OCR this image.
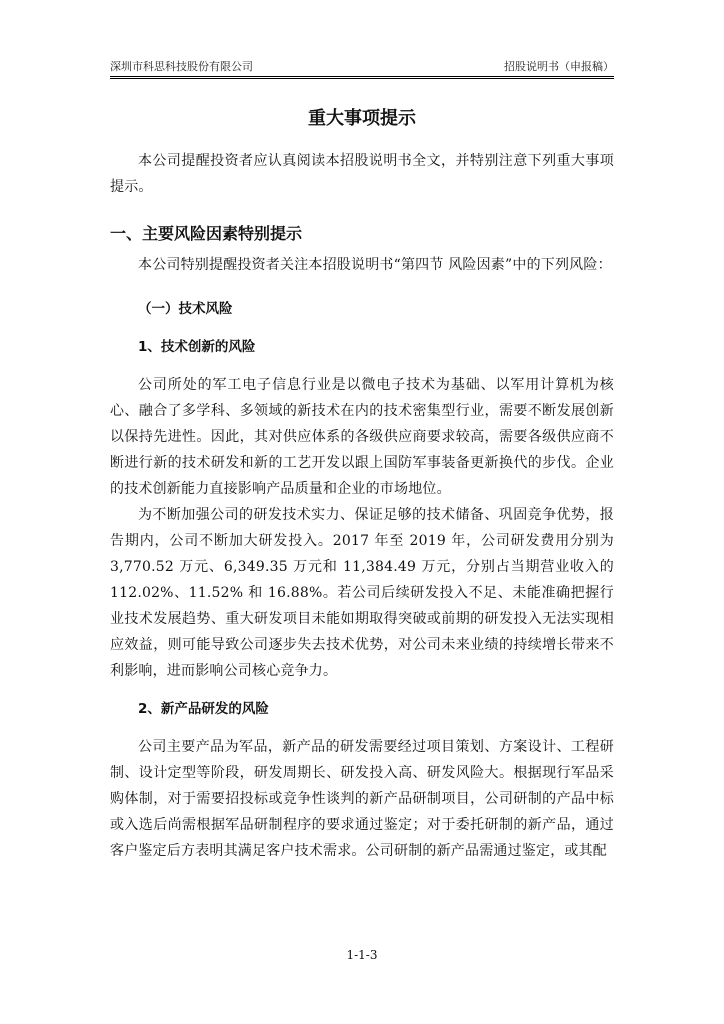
深圳市科思科技股份有限公司	招股说明书（申报稿）
重大事项提示

本公司提醒投资者应认真阅读本招股说明书全文，并特别注意下列重大事项提示。

一、主要风险因素特别提示

本公司特别提醒投资者关注本招股说明书“第四节 风险因素”中的下列风险：

（一）技术风险
1、技术创新的风险

公司所处的军工电子信息行业是以微电子技术为基础、以军用计算机为核心、融合了多学科、多领域的新技术在内的技术密集型行业，需要不断发展创新以保持先进性。因此，其对供应体系的各级供应商要求较高，需要各级供应商不断进行新的技术研发和新的工艺开发以跟上国防军事装备更新换代的步伐。企业的技术创新能力直接影响产品质量和企业的市场地位。

为不断加强公司的研发技术实力、保证足够的技术储备、巩固竞争优势，报告期内，公司不断加大研发投入。2017 年至 2019 年，公司研发费用分别为 3,770.52 万元、6,349.35 万元和 11,384.49 万元，分别占当期营业收入的 112.02%、11.52% 和 16.88%。若公司后续研发投入不足、未能准确把握行业技术发展趋势、重大研发项目未能如期取得突破或前期的研发投入无法实现相应效益，则可能导致公司逐步失去技术优势，对公司未来业绩的持续增长带来不利影响，进而影响公司核心竞争力。

2、新产品研发的风险

公司主要产品为军品，新产品的研发需要经过项目策划、方案设计、工程研制、设计定型等阶段，研发周期长、研发投入高、研发风险大。根据现行军品采购体制，对于需要招投标或竞争性谈判的新产品研制项目，公司研制的产品中标或入选后尚需根据军品研制程序的要求通过鉴定；对于委托研制的新产品，通过客户鉴定后方表明其满足客户技术需求。公司研制的新产品需通过鉴定，或其配

1-1-3
